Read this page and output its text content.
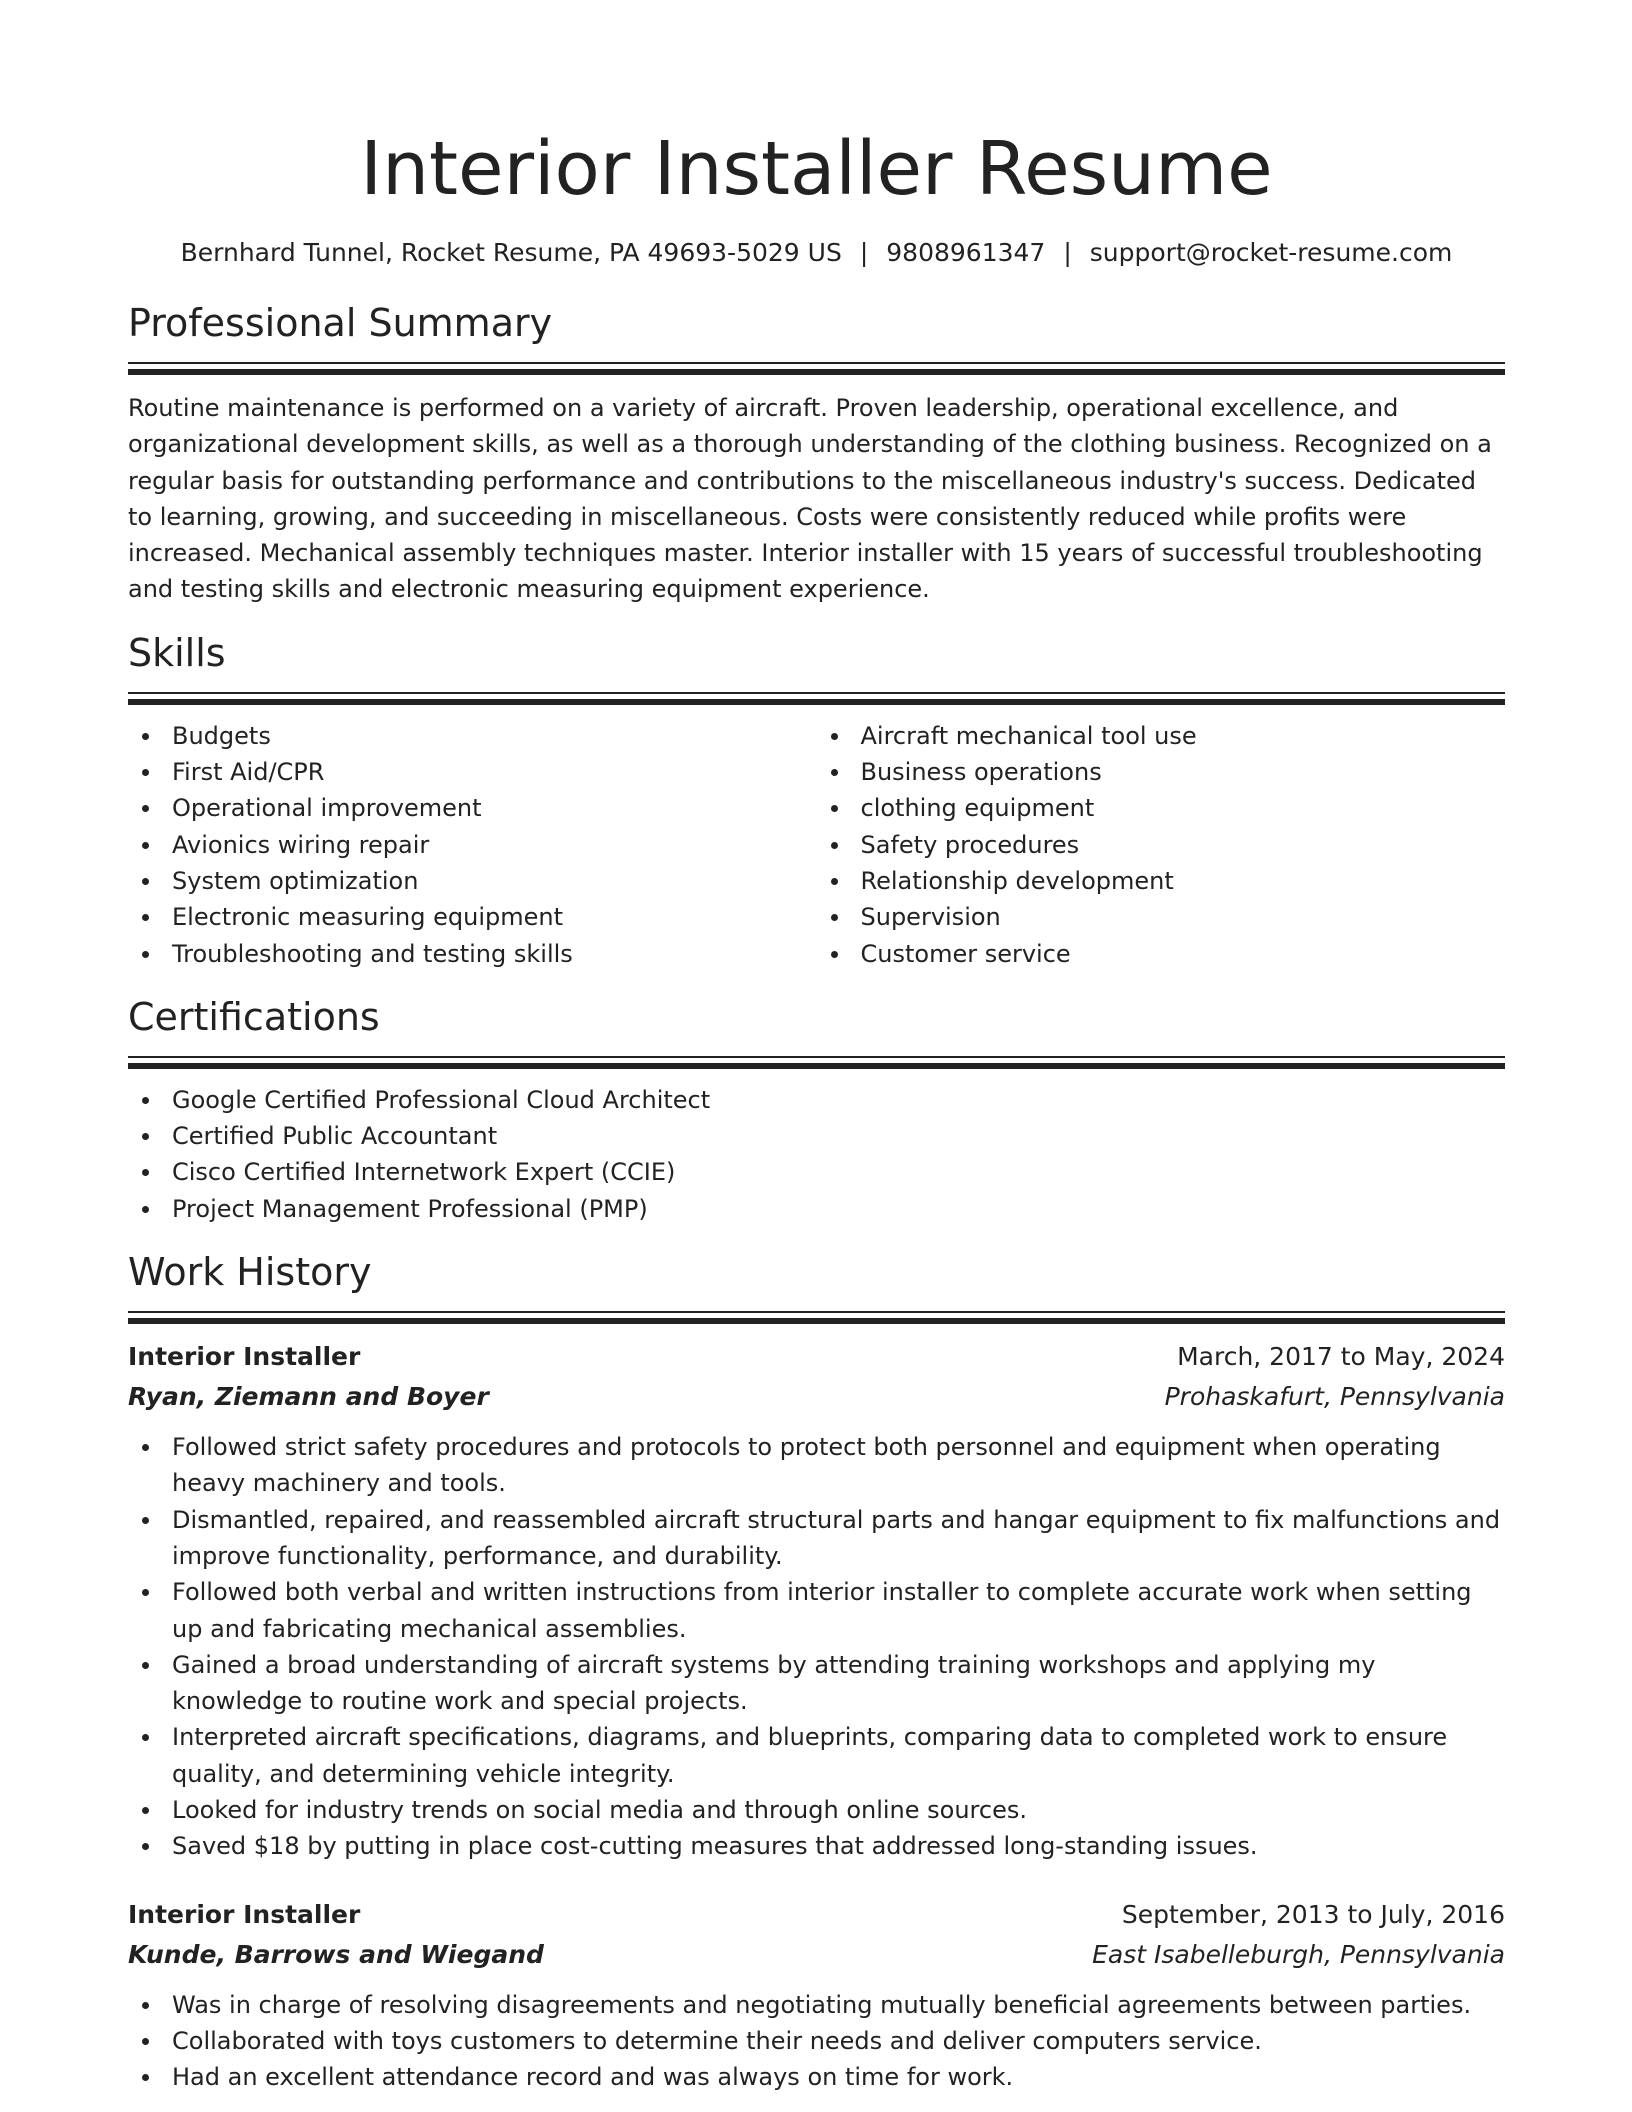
Interior Installer Resume
Bernhard Tunnel, Rocket Resume, PA 49693-5029 US | 9808961347 | support@rocket-resume.com
Professional Summary
Routine maintenance is performed on a variety of aircraft. Proven leadership, operational excellence, and organizational development skills, as well as a thorough understanding of the clothing business. Recognized on a regular basis for outstanding performance and contributions to the miscellaneous industry's success. Dedicated to learning, growing, and succeeding in miscellaneous. Costs were consistently reduced while profits were increased. Mechanical assembly techniques master. Interior installer with 15 years of successful troubleshooting and testing skills and electronic measuring equipment experience.
Skills
Budgets
First Aid/CPR
Operational improvement
Avionics wiring repair
System optimization
Electronic measuring equipment
Troubleshooting and testing skills
Aircraft mechanical tool use
Business operations
clothing equipment
Safety procedures
Relationship development
Supervision
Customer service
Certifications
Google Certified Professional Cloud Architect
Certified Public Accountant
Cisco Certified Internetwork Expert (CCIE)
Project Management Professional (PMP)
Work History
Interior Installer	March, 2017 to May, 2024
Ryan, Ziemann and Boyer	Prohaskafurt, Pennsylvania
Followed strict safety procedures and protocols to protect both personnel and equipment when operating heavy machinery and tools.
Dismantled, repaired, and reassembled aircraft structural parts and hangar equipment to fix malfunctions and improve functionality, performance, and durability.
Followed both verbal and written instructions from interior installer to complete accurate work when setting up and fabricating mechanical assemblies.
Gained a broad understanding of aircraft systems by attending training workshops and applying my knowledge to routine work and special projects.
Interpreted aircraft specifications, diagrams, and blueprints, comparing data to completed work to ensure quality, and determining vehicle integrity.
Looked for industry trends on social media and through online sources.
Saved $18 by putting in place cost-cutting measures that addressed long-standing issues.
Interior Installer	September, 2013 to July, 2016
Kunde, Barrows and Wiegand	East Isabelleburgh, Pennsylvania
Was in charge of resolving disagreements and negotiating mutually beneficial agreements between parties.
Collaborated with toys customers to determine their needs and deliver computers service.
Had an excellent attendance record and was always on time for work.
